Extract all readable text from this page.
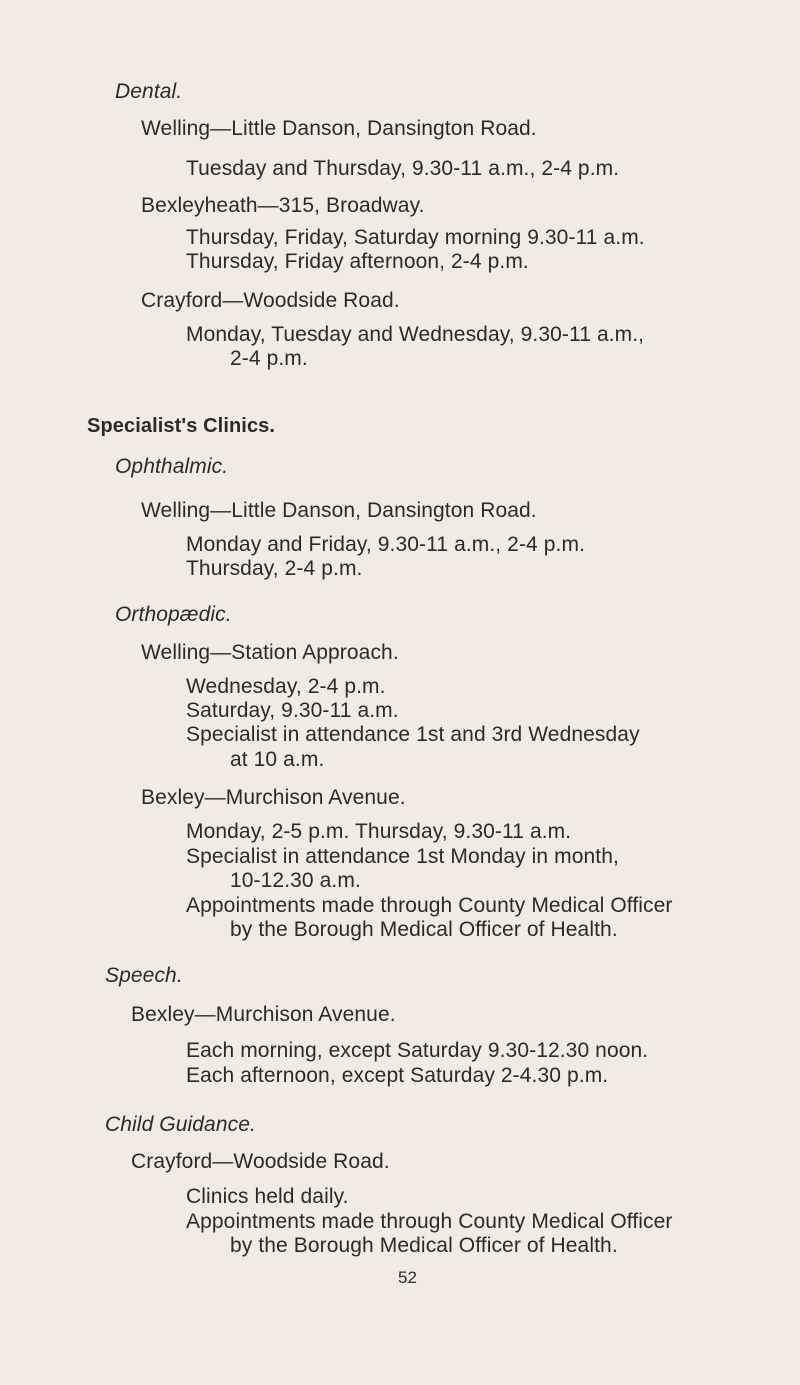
Dental.
Welling—Little Danson, Dansington Road.
Tuesday and Thursday, 9.30-11 a.m., 2-4 p.m.
Bexleyheath—315, Broadway.
Thursday, Friday, Saturday morning 9.30-11 a.m.
Thursday, Friday afternoon, 2-4 p.m.
Crayford—Woodside Road.
Monday, Tuesday and Wednesday, 9.30-11 a.m.,
2-4 p.m.
Specialist's Clinics.
Ophthalmic.
Welling—Little Danson, Dansington Road.
Monday and Friday, 9.30-11 a.m., 2-4 p.m.
Thursday, 2-4 p.m.
Orthopædic.
Welling—Station Approach.
Wednesday, 2-4 p.m.
Saturday, 9.30-11 a.m.
Specialist in attendance 1st and 3rd Wednesday
at 10 a.m.
Bexley—Murchison Avenue.
Monday, 2-5 p.m. Thursday, 9.30-11 a.m.
Specialist in attendance 1st Monday in month,
10-12.30 a.m.
Appointments made through County Medical Officer
by the Borough Medical Officer of Health.
Speech.
Bexley—Murchison Avenue.
Each morning, except Saturday 9.30-12.30 noon.
Each afternoon, except Saturday 2-4.30 p.m.
Child Guidance.
Crayford—Woodside Road.
Clinics held daily.
Appointments made through County Medical Officer
by the Borough Medical Officer of Health.
52
